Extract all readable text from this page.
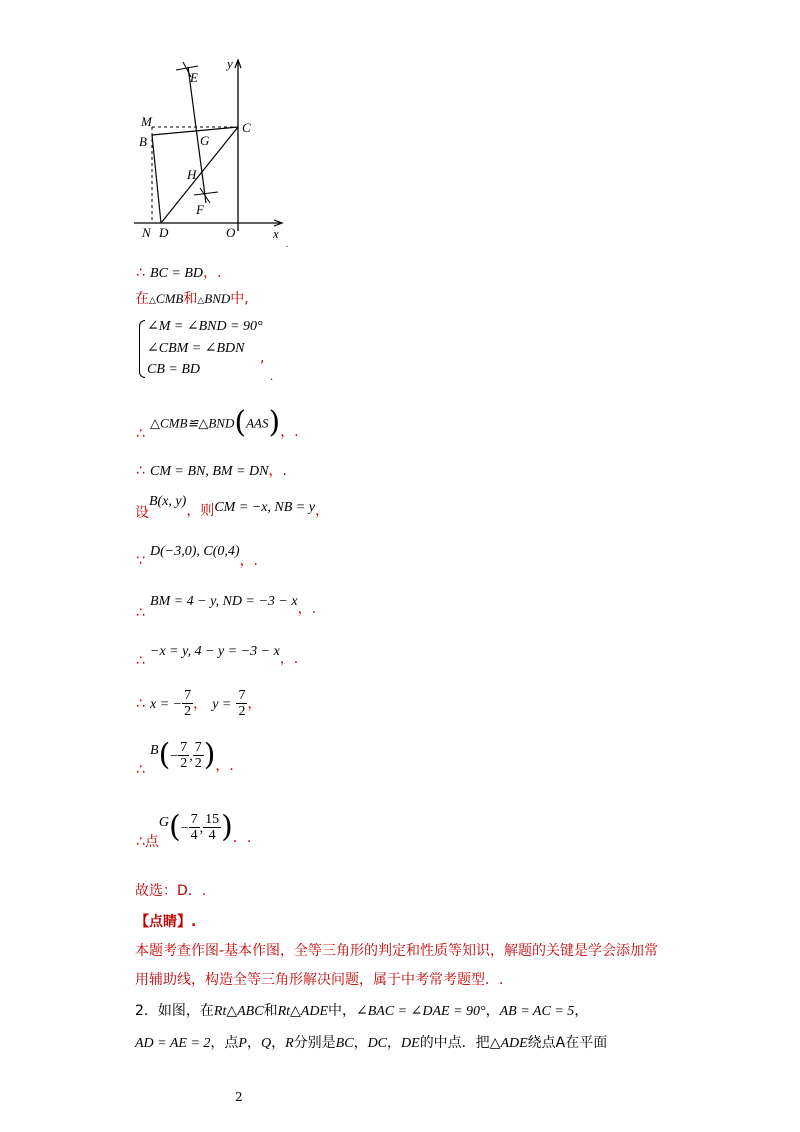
y
x
E
M	C
B	G
H
F
N D	O
.
∴ BC = BD，.
在△CMB和△BND中,
∠M = ∠BND = 90°
∠CBM = ∠BDN
CB = BD
,
.
∴ △CMB≌△BND(AAS)，.
∴ CM = BN, BM = DN，.
设B(x, y)，则CM = −x, NB = y，
∵ D(−3,0), C(0,4)，.
∴ BM = 4 − y, ND = −3 − x，.
∴ −x = y, 4 − y = −3 − x，.
∴ x = − $\frac{7}{2}$ ， $y = \frac{7}{2}$ ，
∴ $B(- \frac{7}{2}$ , $\frac{7}{2}$ )，.
∴点$G(- \frac{7}{4}$ , $\frac{15}{4}$ )．.
故选：D．.
【点睛】.
本题考查作图-基本作图，全等三角形的判定和性质等知识，解题的关键是学会添加常
用辅助线，构造全等三角形解决问题，属于中考常考题型．.
2．如图，在Rt△ABC和Rt△ADE中，∠BAC = ∠DAE = 90°，AB = AC = 5，
AD = AE = 2，点P，Q，R分别是BC，DC，DE的中点．把△ADE绕点A在平面
2
